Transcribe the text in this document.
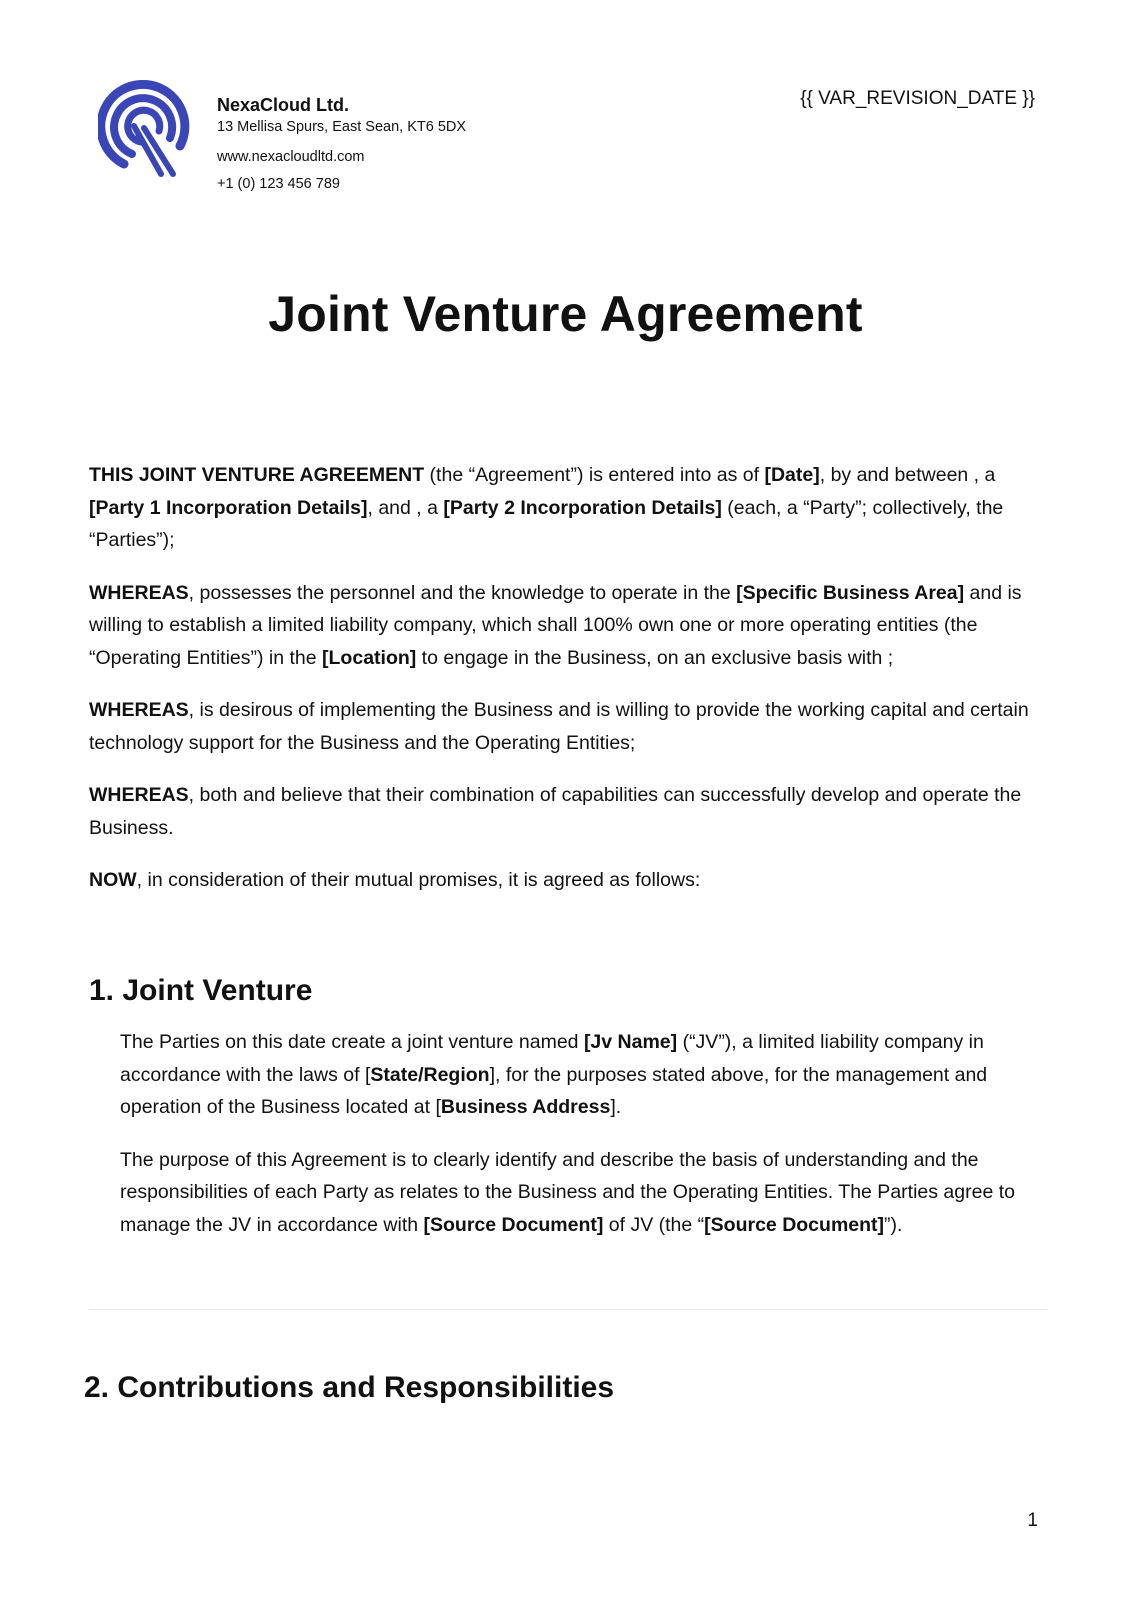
NexaCloud Ltd.

13 Mellisa Spurs, East Sean, KT6 5DX

www.nexacloudltd.com

+1 (0) 123 456 789

{{ VAR_REVISION_DATE }}
Joint Venture Agreement

THIS JOINT VENTURE AGREEMENT (the “Agreement”) is entered into as of [Date], by and between , a [Party 1 Incorporation Details], and , a [Party 2 Incorporation Details] (each, a “Party”; collectively, the “Parties”);

WHEREAS, possesses the personnel and the knowledge to operate in the [Specific Business Area] and is willing to establish a limited liability company, which shall 100% own one or more operating entities (the “Operating Entities”) in the [Location] to engage in the Business, on an exclusive basis with ;

WHEREAS, is desirous of implementing the Business and is willing to provide the working capital and certain technology support for the Business and the Operating Entities;

WHEREAS, both and believe that their combination of capabilities can successfully develop and operate the Business.

NOW, in consideration of their mutual promises, it is agreed as follows:

1. Joint Venture

The Parties on this date create a joint venture named [Jv Name] (“JV”), a limited liability company in accordance with the laws of [State/Region], for the purposes stated above, for the management and operation of the Business located at [Business Address].

The purpose of this Agreement is to clearly identify and describe the basis of understanding and the responsibilities of each Party as relates to the Business and the Operating Entities. The Parties agree to manage the JV in accordance with [Source Document] of JV (the “[Source Document]”).

2. Contributions and Responsibilities
1
